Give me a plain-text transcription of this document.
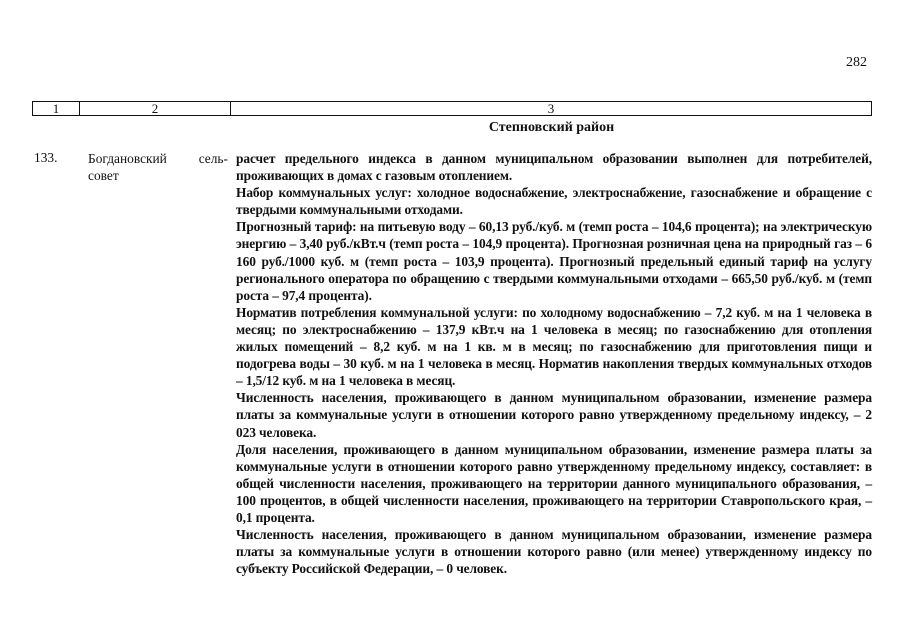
282
1	2	3
Степновский район
133. Богдановский сель-
совет

расчет предельного индекса в данном муниципальном образовании выполнен для потребителей, проживающих в домах с газовым отоплением.

Набор коммунальных услуг: холодное водоснабжение, электроснабжение, газоснабжение и обращение с твердыми коммунальными отходами.

Прогнозный тариф: на питьевую воду – 60,13 руб./куб. м (темп роста – 104,6 процента); на электрическую энергию – 3,40 руб./кВт.ч (темп роста – 104,9 процента). Прогнозная розничная цена на природный газ – 6 160 руб./1000 куб. м (темп роста – 103,9 процента). Прогнозный предельный единый тариф на услугу регионального оператора по обращению с твердыми коммунальными отходами – 665,50 руб./куб. м (темп роста – 97,4 процента).

Норматив потребления коммунальной услуги: по холодному водоснабжению – 7,2 куб. м на 1 человека в месяц; по электроснабжению – 137,9 кВт.ч на 1 человека в месяц; по газоснабжению для отопления жилых помещений – 8,2 куб. м на 1 кв. м в месяц; по газоснабжению для приготовления пищи и подогрева воды – 30 куб. м на 1 человека в месяц. Норматив накопления твердых коммунальных отходов – 1,5/12 куб. м на 1 человека в месяц.

Численность населения, проживающего в данном муниципальном образовании, изменение размера платы за коммунальные услуги в отношении которого равно утвержденному предельному индексу, – 2 023 человека.

Доля населения, проживающего в данном муниципальном образовании, изменение размера платы за коммунальные услуги в отношении которого равно утвержденному предельному индексу, составляет: в общей численности населения, проживающего на территории данного муниципального образования, – 100 процентов, в общей численности населения, проживающего на территории Ставропольского края, – 0,1 процента.

Численность населения, проживающего в данном муниципальном образовании, изменение размера платы за коммунальные услуги в отношении которого равно (или менее) утвержденному индексу по субъекту Российской Федерации, – 0 человек.
